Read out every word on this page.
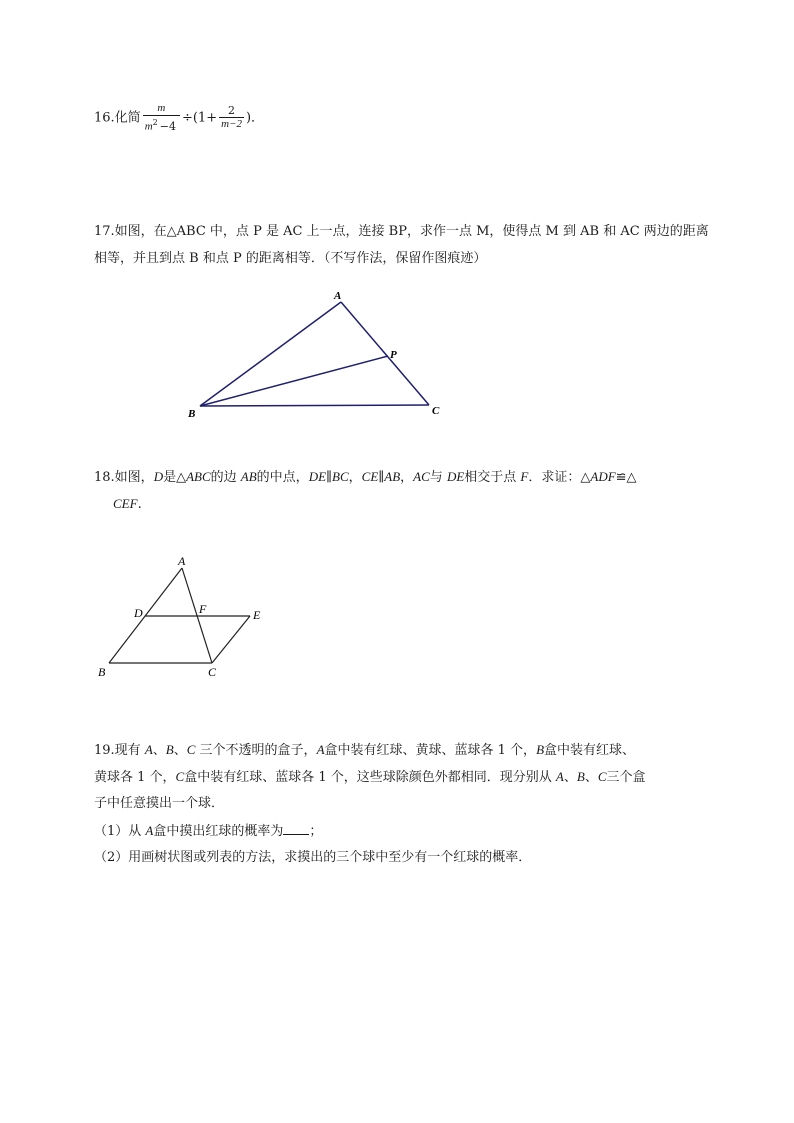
16.化简 $\frac{m}{m^2 -4} \div(1+ \frac{2}{m-2}$ )．
17.如图，在△ABC 中，点 P 是 AC 上一点，连接 BP，求作一点 M，使得点 M 到 AB 和 AC 两边的距离
相等，并且到点 B 和点 P 的距离相等．（不写作法，保留作图痕迹）
A
B	C
P
18.如图，D是△ABC的边 AB的中点，DE∥BC，CE∥AB，AC与 DE相交于点 F．求证：△ADF≌△
CEF.
A
B	C
D	E
F
19.现有 A、B、C 三个不透明的盒子，A盒中装有红球、黄球、蓝球各 1 个，B盒中装有红球、
黄球各 1 个，C盒中装有红球、蓝球各 1 个，这些球除颜色外都相同．现分别从 A、B、C三个盒
子中任意摸出一个球．
（1）从 A盒中摸出红球的概率为 ；
（2）用画树状图或列表的方法，求摸出的三个球中至少有一个红球的概率．
